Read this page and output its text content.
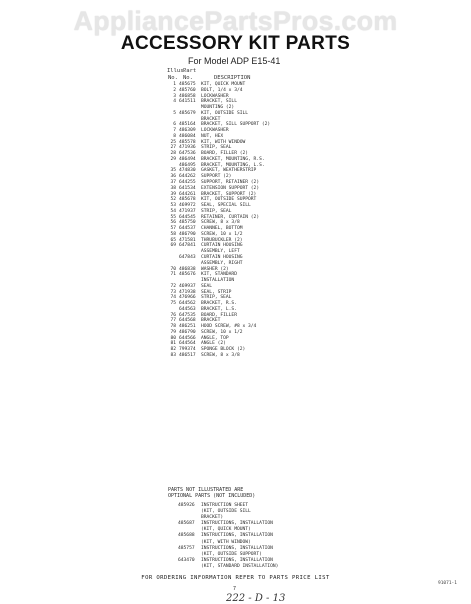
AppliancePartsPros.com
ACCESSORY KIT PARTS
For Model ADP E15-41
Illus.
No.
Part
No.	DESCRIPTION
1 485675 KIT, QUICK MOUNT
2 485760 BOLT, 1/4 x 3/4
3 486858 LOCKWASHER
4 641511 BRACKET, SILL
MOUNTING (2)
5 485679 KIT, OUTSIDE SILL
BRACKET
6 485164 BRACKET, SILL SUPPORT (2)
7 486309 LOCKWASHER
8 486084 NUT, HEX
25 485578 KIT, WITH WINDOW
27 471936 STRIP, SEAL
28 647536 BOARD, FILLER (2)
29 486494 BRACKET, MOUNTING, R.S.
486495 BRACKET, MOUNTING, L.S.
35 474830 GASKET, WEATHERSTRIP
36 644262 SUPPORT (2)
37 644255 SUPPORT, RETAINER (2)
38 641534 EXTENSION SUPPORT (2)
39 644261 BRACKET, SUPPORT (2)
52 485678 KIT, OUTSIDE SUPPORT
53 469972 SEAL, SPECIAL SILL
54 471937 STRIP, SEAL
55 644545 RETAINER, CURTAIN (2)
56 485750 SCREW, 8 x 3/8
57 644537 CHANNEL, BOTTOM
58 486790 SCREW, 10 x 1/2
65 471581 THRUBUCKLER (2)
69 647841 CURTAIN HOUSING
ASSEMBLY, LEFT
647843 CURTAIN HOUSING
ASSEMBLY, RIGHT
70 486838 WASHER (2)
71 485676 KIT, STANDARD
INSTALLATION
72 469937 SEAL
73 471938 SEAL, STRIP
74 476966 STRIP, SEAL
75 644562 BRACKET, R.S.
644563 BRACKET, L.S.
76 647535 BOARD, FILLER
77 644568 BRACKET
78 486251 HOOD SCREW, #8 x 3/4
79 486790 SCREW, 10 x 1/2
80 644566 ANGLE, TOP
81 644564 ANGLE (2)
82 799374 SPONGE BLOCK (2)
83 486517 SCREW, 8 x 3/8
PARTS NOT ILLUSTRATED ARE
OPTIONAL PARTS (NOT INCLUDED)
485926 INSTRUCTION SHEET
(KIT, OUTSIDE SILL
BRACKET)
485687 INSTRUCTIONS, INSTALLATION
(KIT, QUICK MOUNT)
485688 INSTRUCTIONS, INSTALLATION
(KIT, WITH WINDOW)
485757 INSTRUCTIONS, INSTALLATION
(KIT, OUTSIDE SUPPORT)
643470 INSTRUCTIONS, INSTALLATION
(KIT, STANDARD INSTALLATION)
FOR ORDERING INFORMATION REFER TO PARTS PRICE LIST
7
222 - D - 13
91071-1
